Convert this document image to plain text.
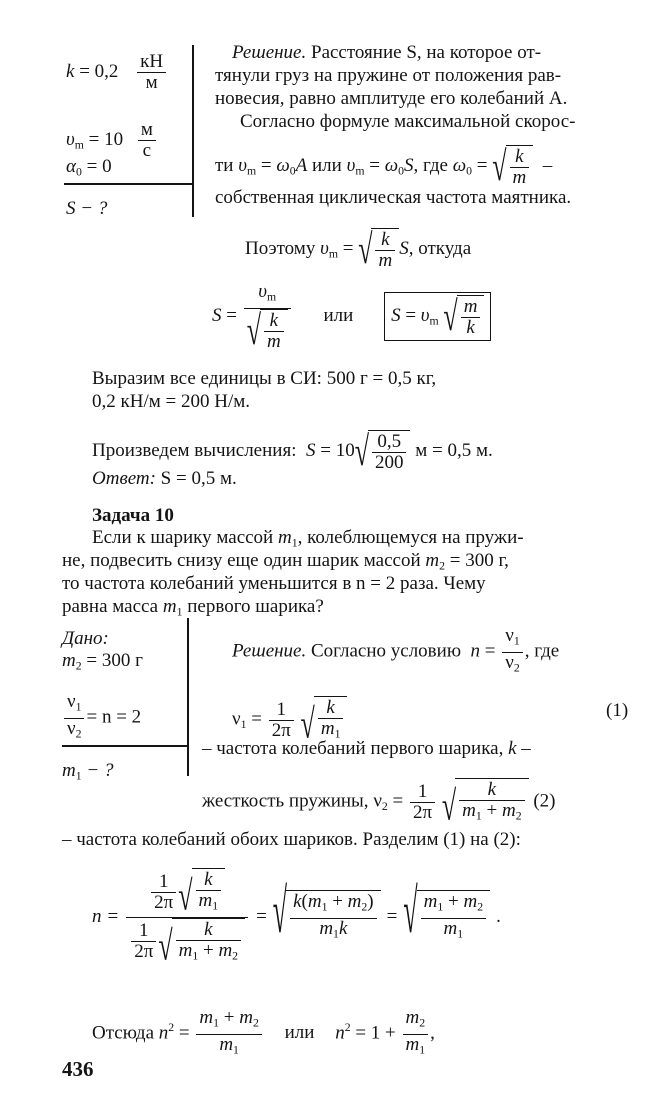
$k = 0,2 \frac{кН}{м}$
$\upsilon_m = 10 \frac{м}{с}$
$\alpha_0 = 0$
S − ?
Решение. Расстояние S, на которое от-
тянули груз на пружине от положения рав-
новесия, равно амплитуде его колебаний A.
Согласно формуле максимальной скорос-
ти $\upsilon_m = \omega_0A$ или $\upsilon_m = \omega_0S$, где $\omega_0$ = √ $\frac{k}{m}$ –
собственная циклическая частота маятника.
Поэтому $\upsilon_m$ = √ $\frac{k}{m} S$, откуда
$S = \frac{\upsilon_m}{√ \frac{k}{m}}$ или $S = \upsilon_m$ √ $\frac{m}{k}$
Выразим все единицы в СИ: 500 г = 0,5 кг,
0,2 кН/м = 200 Н/м.
Произведем вычисления: S = 10 √ $\frac{0,5}{200}$ м = 0,5 м.
Ответ: S = 0,5 м.
Задача 10
Если к шарику массой $m_1$, колеблющемуся на пружи-
не, подвесить снизу еще один шарик массой $m_2 = 300$ г,
то частота колебаний уменьшится в n = 2 раза. Чему
равна масса $m_1$ первого шарика?
Дано:
$m_2 = 300$ г
$\frac{\nu_1}{\nu_2} = n = 2$
$m_1$ − ?
Решение. Согласно условию $n = \frac{\nu_1}{\nu_2}$ , где
$\nu_1 = \frac{1}{2\pi}$
√ $\frac{k}{m_1}$	(1)
– частота колебаний первого шарика, k –
жесткость пружины, $\nu_2 = \frac{1}{2\pi}$
√ $\frac{k}{m_1 + m_2} (2)$
– частота колебаний обоих шариков. Разделим (1) на (2):
$n = \frac{\frac{1}{2\pi} √ \frac{k}{m_1}}{\frac{1}{2\pi} √ \frac{k}{m_1 + m_2}}$ = √ $\frac{k(m_1 + m_2)}{m_1k}$ = √ $\frac{m_1 + m_2}{m_1}$ .
Отсюда $n^2 = \frac{m_1 + m_2}{m_1}$ или $n^2 = 1 + \frac{m_2}{m_1}$ ,
436
